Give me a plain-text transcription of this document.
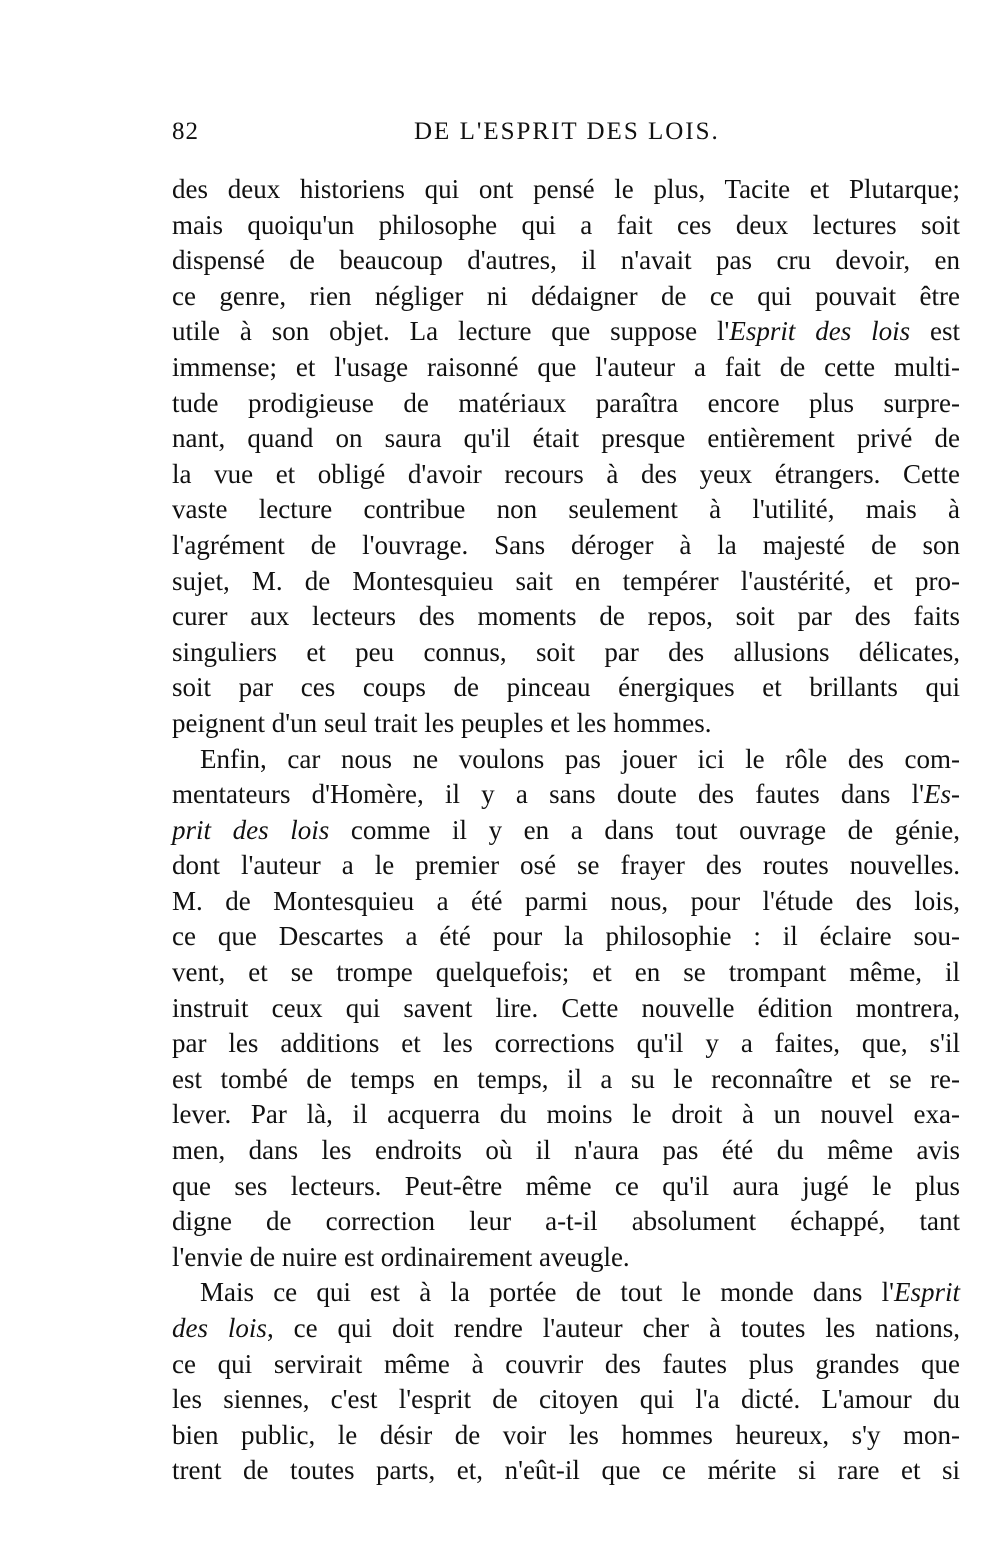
82	DE L'ESPRIT DES LOIS.
des deux historiens qui ont pensé le plus, Tacite et Plutarque;
mais quoiqu'un philosophe qui a fait ces deux lectures soit
dispensé de beaucoup d'autres, il n'avait pas cru devoir, en
ce genre, rien négliger ni dédaigner de ce qui pouvait être
utile à son objet. La lecture que suppose l'Esprit des lois est
immense; et l'usage raisonné que l'auteur a fait de cette multi-
tude prodigieuse de matériaux paraîtra encore plus surpre-
nant, quand on saura qu'il était presque entièrement privé de
la vue et obligé d'avoir recours à des yeux étrangers. Cette
vaste lecture contribue non seulement à l'utilité, mais à
l'agrément de l'ouvrage. Sans déroger à la majesté de son
sujet, M. de Montesquieu sait en tempérer l'austérité, et pro-
curer aux lecteurs des moments de repos, soit par des faits
singuliers et peu connus, soit par des allusions délicates,
soit par ces coups de pinceau énergiques et brillants qui
peignent d'un seul trait les peuples et les hommes.
Enfin, car nous ne voulons pas jouer ici le rôle des com-
mentateurs d'Homère, il y a sans doute des fautes dans l'Es-
prit des lois comme il y en a dans tout ouvrage de génie,
dont l'auteur a le premier osé se frayer des routes nouvelles.
M. de Montesquieu a été parmi nous, pour l'étude des lois,
ce que Descartes a été pour la philosophie : il éclaire sou-
vent, et se trompe quelquefois; et en se trompant même, il
instruit ceux qui savent lire. Cette nouvelle édition montrera,
par les additions et les corrections qu'il y a faites, que, s'il
est tombé de temps en temps, il a su le reconnaître et se re-
lever. Par là, il acquerra du moins le droit à un nouvel exa-
men, dans les endroits où il n'aura pas été du même avis
que ses lecteurs. Peut-être même ce qu'il aura jugé le plus
digne de correction leur a-t-il absolument échappé, tant
l'envie de nuire est ordinairement aveugle.
Mais ce qui est à la portée de tout le monde dans l'Esprit
des lois, ce qui doit rendre l'auteur cher à toutes les nations,
ce qui servirait même à couvrir des fautes plus grandes que
les siennes, c'est l'esprit de citoyen qui l'a dicté. L'amour du
bien public, le désir de voir les hommes heureux, s'y mon-
trent de toutes parts, et, n'eût-il que ce mérite si rare et si
